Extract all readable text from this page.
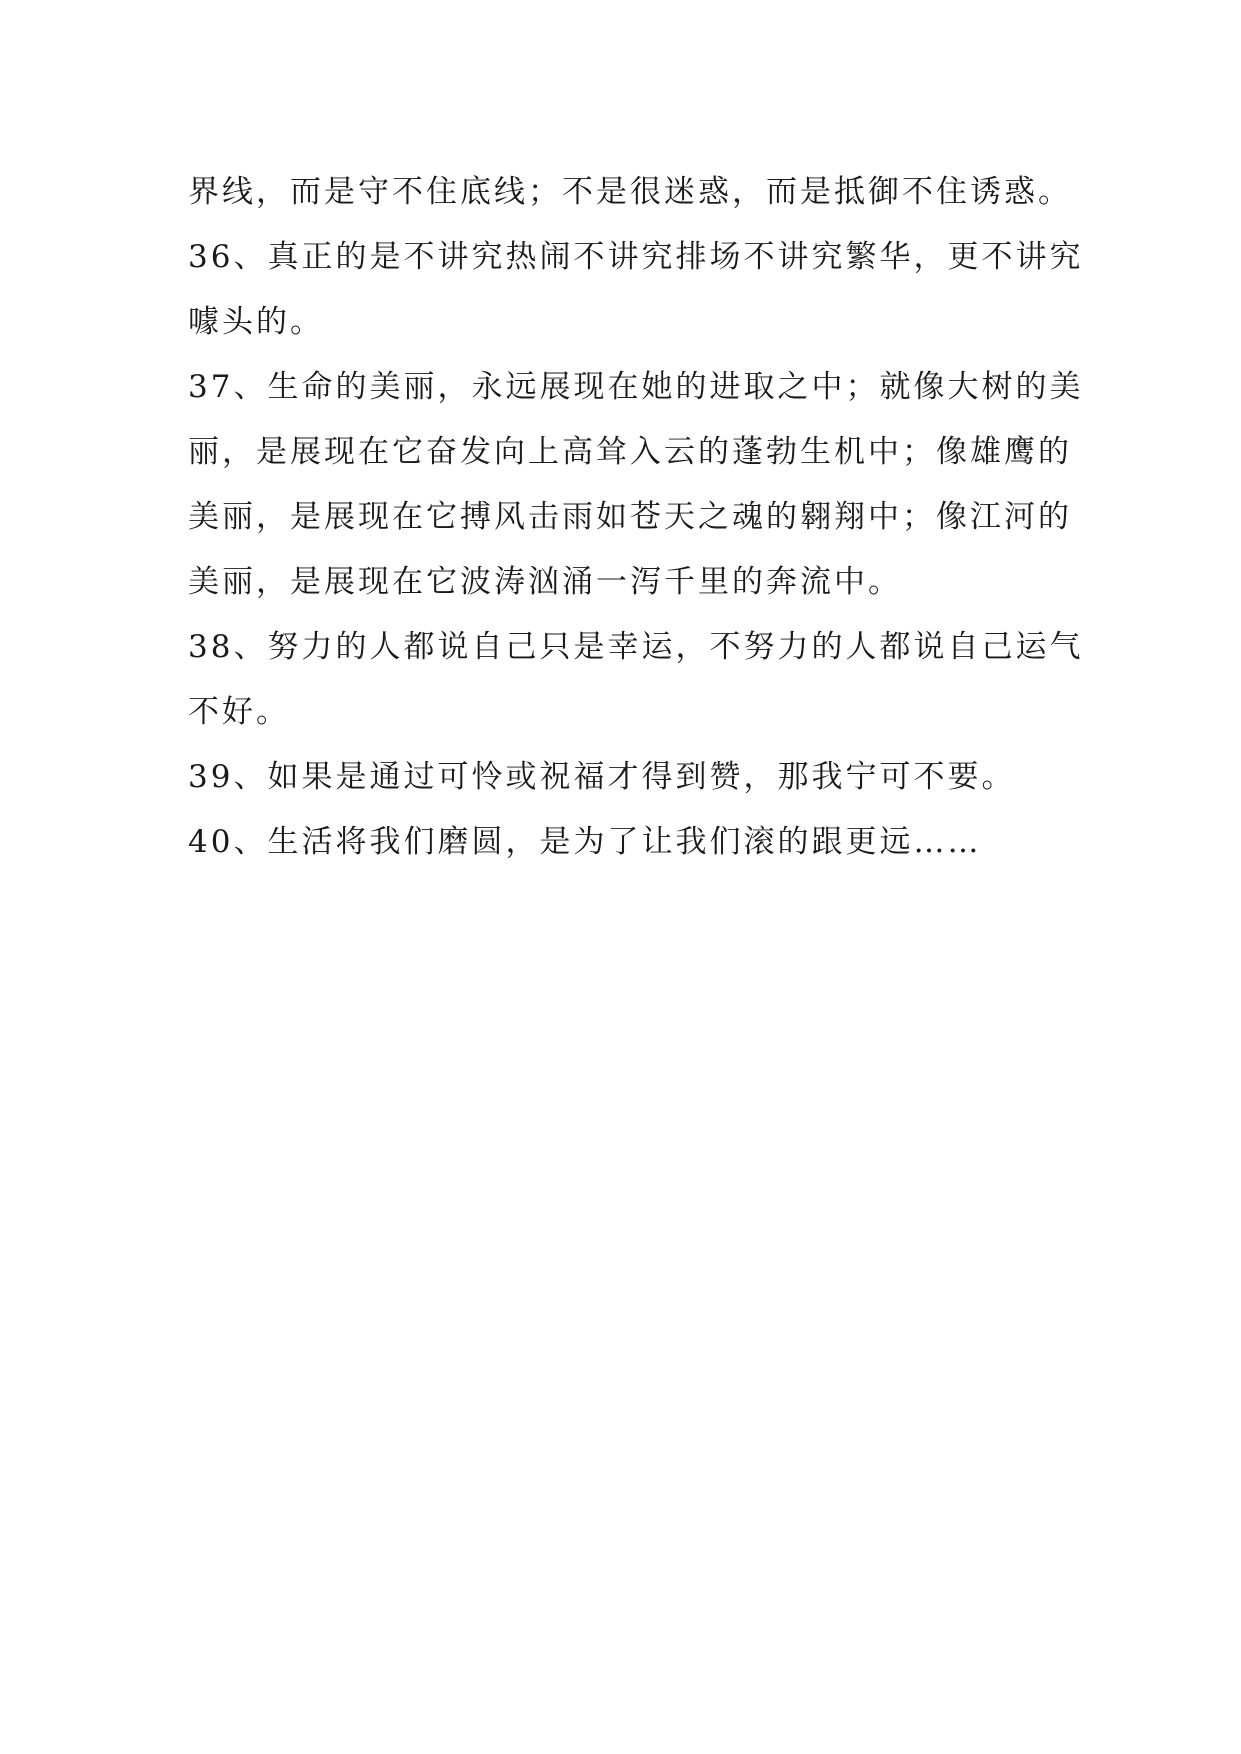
界线，而是守不住底线；不是很迷惑，而是抵御不住诱惑。
36、真正的是不讲究热闹不讲究排场不讲究繁华，更不讲究
噱头的。
37、生命的美丽，永远展现在她的进取之中；就像大树的美
丽，是展现在它奋发向上高耸入云的蓬勃生机中；像雄鹰的
美丽，是展现在它搏风击雨如苍天之魂的翱翔中；像江河的
美丽，是展现在它波涛汹涌一泻千里的奔流中。
38、努力的人都说自己只是幸运，不努力的人都说自己运气
不好。
39、如果是通过可怜或祝福才得到赞，那我宁可不要。
40、生活将我们磨圆，是为了让我们滚的跟更远……
